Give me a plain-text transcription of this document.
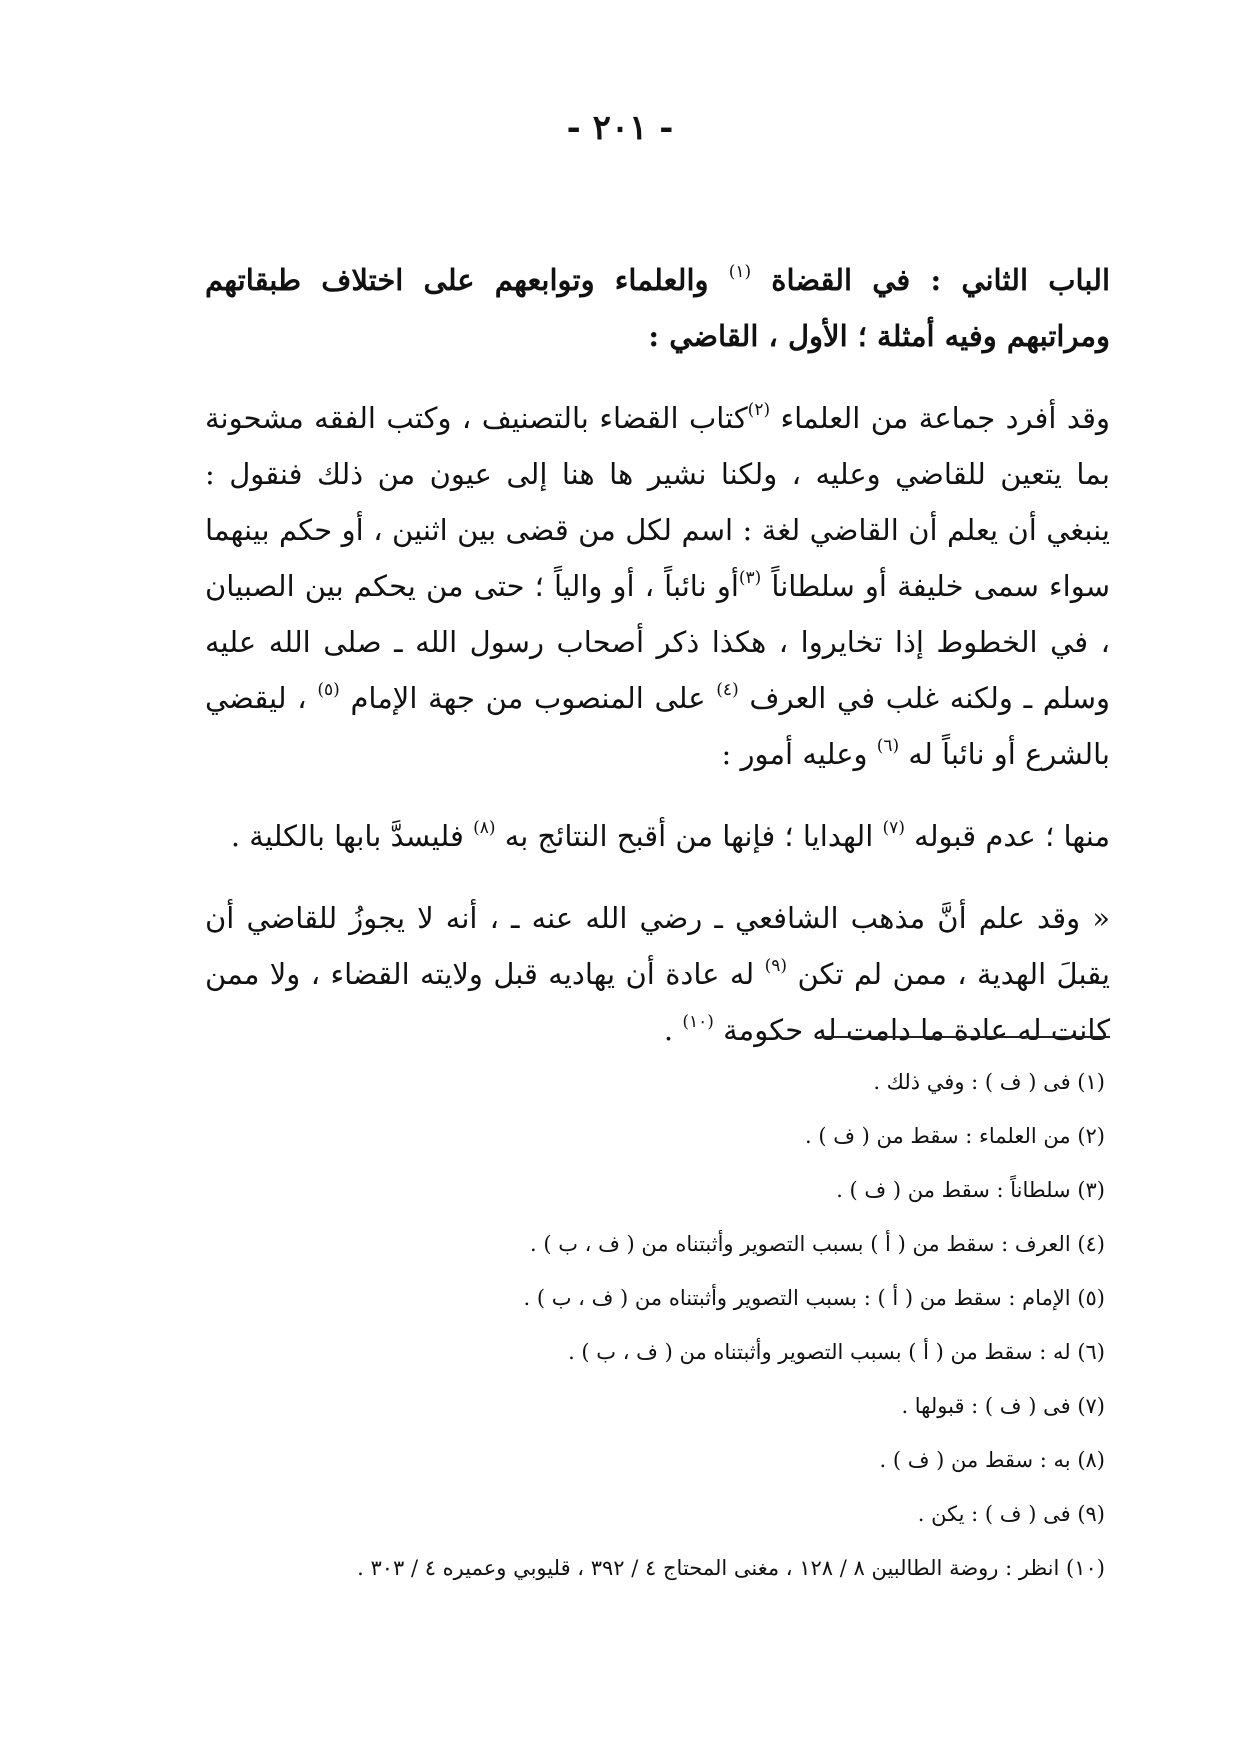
- ٢٠١ -

الباب الثاني : في القضاة $^{(١)}$ والعلماء وتوابعهم على اختلاف طبقاتهم ومراتبهم وفيه أمثلة ؛ الأول ، القاضي :

وقد أفرد جماعة من العلماء $^{(٢)}$كتاب القضاء بالتصنيف ، وكتب الفقه مشحونة بما يتعين للقاضي وعليه ، ولكنا نشير ها هنا إلى عيون من ذلك فنقول : ينبغي أن يعلم أن القاضي لغة : اسم لكل من قضى بين اثنين ، أو حكم بينهما سواء سمى خليفة أو سلطاناً $^{(٣)}$أو نائباً ، أو والياً ؛ حتى من يحكم بين الصبيان ، في الخطوط إذا تخايروا ، هكذا ذكر أصحاب رسول الله ـ صلى الله عليه وسلم ـ ولكنه غلب في العرف $^{(٤)}$ على المنصوب من جهة الإمام $^{(٥)}$ ، ليقضي بالشرع أو نائباً له $^{(٦)}$ وعليه أمور :

منها ؛ عدم قبوله $^{(٧)}$ الهدايا ؛ فإنها من أقبح النتائج به $^{(٨)}$ فليسدَّ بابها بالكلية .

« وقد علم أنَّ مذهب الشافعي ـ رضي الله عنه ـ ، أنه لا يجوزُ للقاضي أن يقبلَ الهدية ، ممن لم تكن $^{(٩)}$ له عادة أن يهاديه قبل ولايته القضاء ، ولا ممن كانت له عادة ما دامت له حكومة $^{(١٠)}$ .

(١) فى ( ف ) : وفي ذلك .

(٢) من العلماء : سقط من ( ف ) .

(٣) سلطاناً : سقط من ( ف ) .

(٤) العرف : سقط من ( أ ) بسبب التصوير وأثبتناه من ( ف ، ب ) .

(٥) الإمام : سقط من ( أ ) : بسبب التصوير وأثبتناه من ( ف ، ب ) .

(٦) له : سقط من ( أ ) بسبب التصوير وأثبتناه من ( ف ، ب ) .

(٧) فى ( ف ) : قبولها .

(٨) به : سقط من ( ف ) .

(٩) فى ( ف ) : يكن .

(١٠) انظر : روضة الطالبين ٨ / ١٢٨ ، مغنى المحتاج ٤ / ٣٩٢ ، قليوبي وعميره ٤ / ٣٠٣ .
